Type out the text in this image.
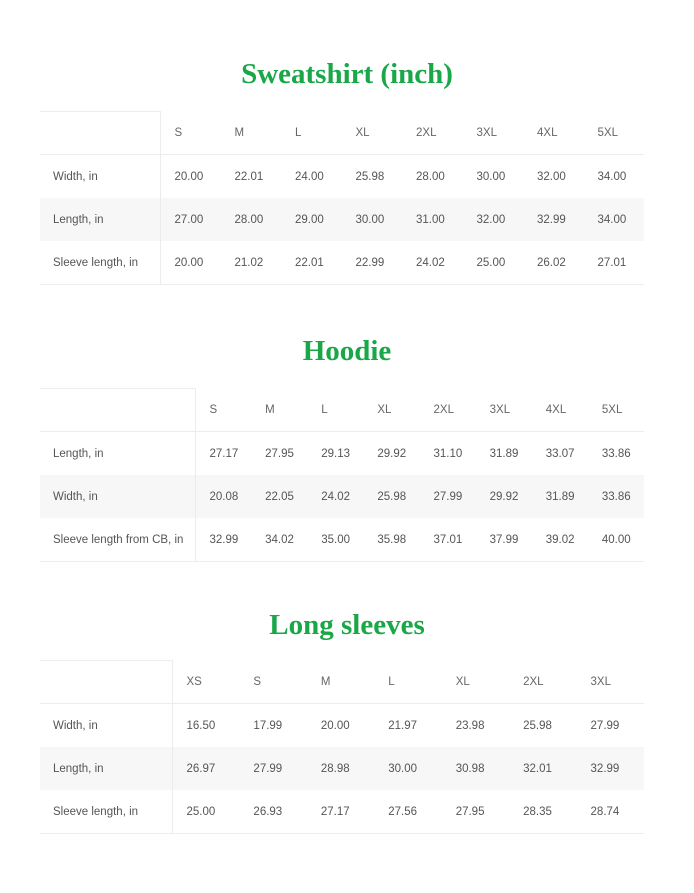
Sweatshirt (inch)
	S	M	L	XL	2XL	3XL	4XL	5XL
Width, in	20.00	22.01	24.00	25.98	28.00	30.00	32.00	34.00
Length, in	27.00	28.00	29.00	30.00	31.00	32.00	32.99	34.00
Sleeve length, in	20.00	21.02	22.01	22.99	24.02	25.00	26.02	27.01
Hoodie
	S	M	L	XL	2XL	3XL	4XL	5XL
Length, in	27.17	27.95	29.13	29.92	31.10	31.89	33.07	33.86
Width, in	20.08	22.05	24.02	25.98	27.99	29.92	31.89	33.86
Sleeve length from CB, in	32.99	34.02	35.00	35.98	37.01	37.99	39.02	40.00
Long sleeves
	XS	S	M	L	XL	2XL	3XL
Width, in	16.50	17.99	20.00	21.97	23.98	25.98	27.99
Length, in	26.97	27.99	28.98	30.00	30.98	32.01	32.99
Sleeve length, in	25.00	26.93	27.17	27.56	27.95	28.35	28.74
